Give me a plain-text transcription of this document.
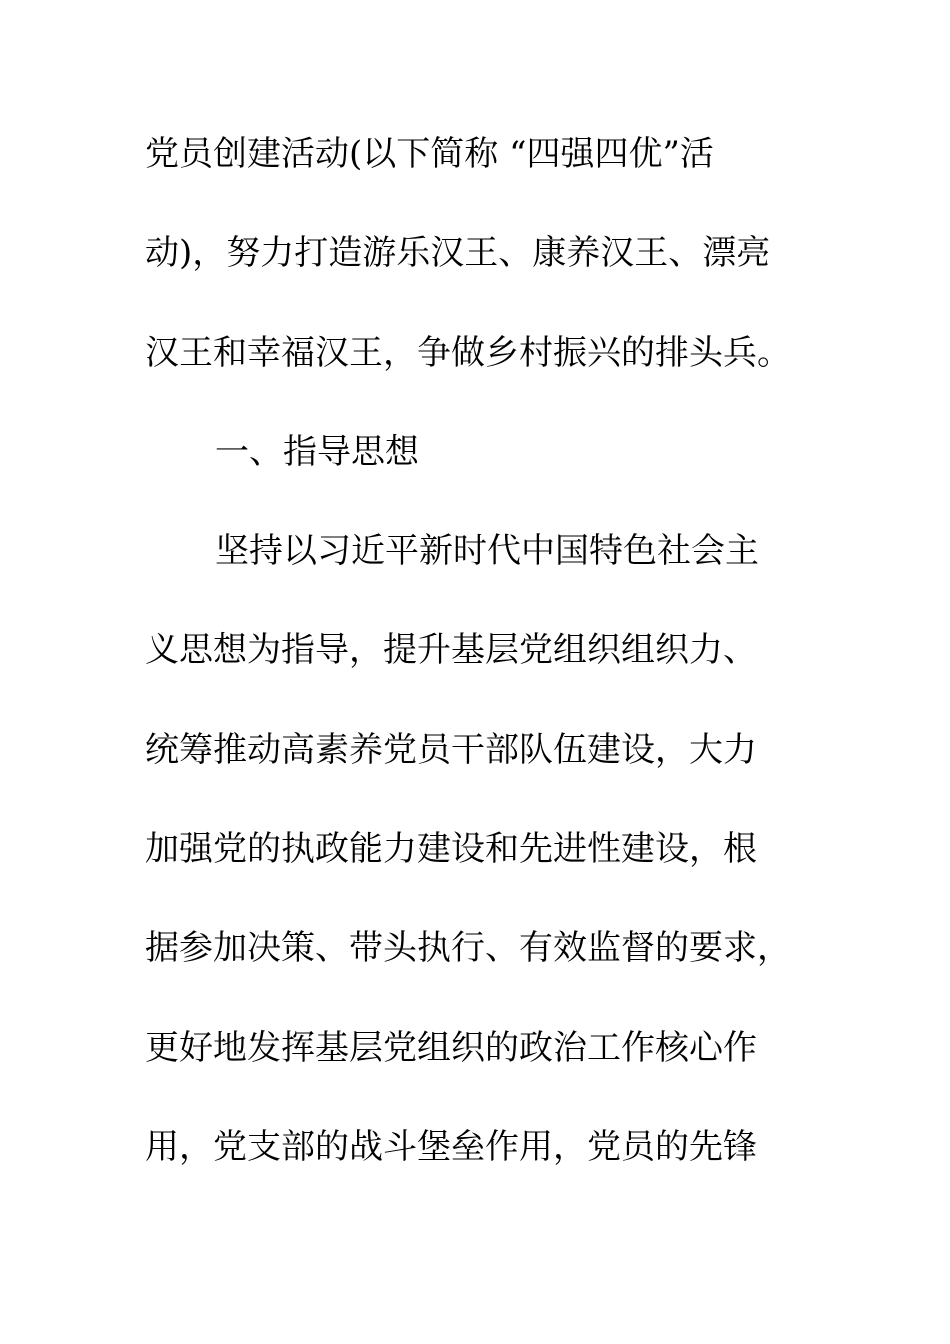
党员创建活动(以下简称 “四强四优”活
动)，努力打造游乐汉王、康养汉王、漂亮
汉王和幸福汉王，争做乡村振兴的排头兵。
一、指导思想
坚持以习近平新时代中国特色社会主
义思想为指导，提升基层党组织组织力、
统筹推动高素养党员干部队伍建设，大力
加强党的执政能力建设和先进性建设，根
据参加决策、带头执行、有效监督的要求，
更好地发挥基层党组织的政治工作核心作
用，党支部的战斗堡垒作用，党员的先锋
